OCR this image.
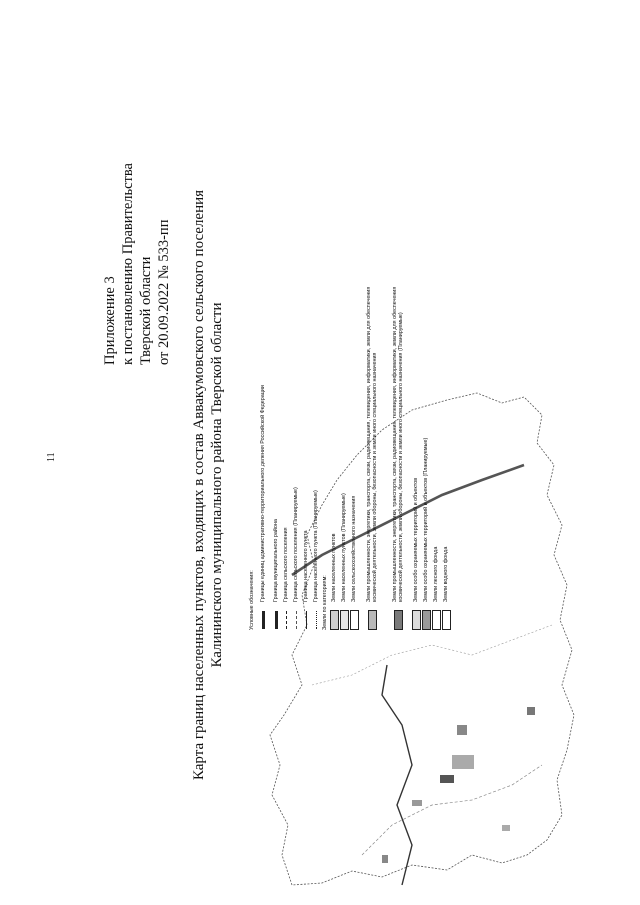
11
Приложение 3 к постановлению Правительства Тверской области от 20.09.2022 № 533-пп Карта границ населенных пунктов, входящих в состав Аввакумовского сельского поселения Калининского муниципального района Тверской области	Условные обозначения: Границы единиц административно-территориального деления Российской Федерации Граница муниципального района Граница сельского поселения Граница сельского поселения (Планируемые) Граница населенного пункта Граница населенного пункта (Планируемые)
Земли по категориям:
Земли населенных пунктов Земли населенных пунктов (Планируемые) Земли сельскохозяйственного назначения Земли промышленности, энергетики, транспорта, связи, радиовещания, телевидения, информатики, земли для обеспечения космической деятельности, земли обороны, безопасности и земли иного специального назначения	Земли промышленности, энергетики, транспорта, связи, радиовещания, телевидения, информатики, земли для обеспечения космической деятельности, земли обороны, безопасности и земли иного специального назначения (Планируемые) Земли особо охраняемых территорий и объектов Земли особо охраняемых территорий и объектов (Планируемые) Земли лесного фонда Земли водного фонда
